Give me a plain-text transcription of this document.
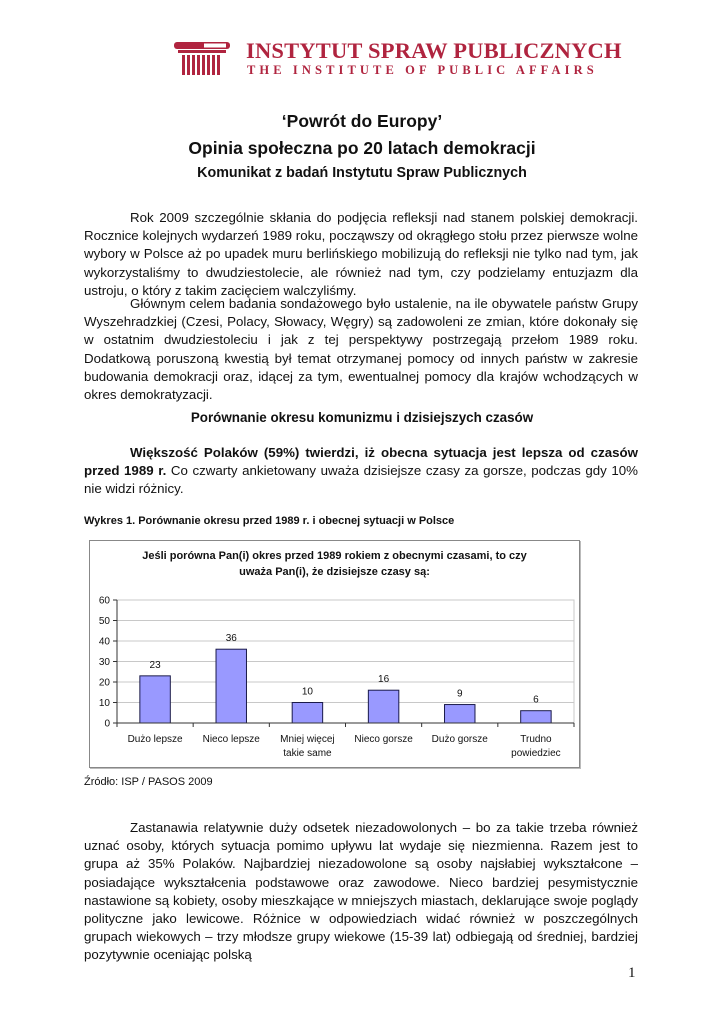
INSTYTUT SPRAW PUBLICZNYCH
THE INSTITUTE OF PUBLIC AFFAIRS
‘Powrót do Europy’
Opinia społeczna po 20 latach demokracji
Komunikat z badań Instytutu Spraw Publicznych
Rok 2009 szczególnie skłania do podjęcia refleksji nad stanem polskiej demokracji. Rocznice kolejnych wydarzeń 1989 roku, począwszy od okrągłego stołu przez pierwsze wolne wybory w Polsce aż po upadek muru berlińskiego mobilizują do refleksji nie tylko nad tym, jak wykorzystaliśmy to dwudziestolecie, ale również nad tym, czy podzielamy entuzjazm dla ustroju, o który z takim zacięciem walczyliśmy.
Głównym celem badania sondażowego było ustalenie, na ile obywatele państw Grupy Wyszehradzkiej (Czesi, Polacy, Słowacy, Węgry) są zadowoleni ze zmian, które dokonały się w ostatnim dwudziestoleciu i jak z tej perspektywy postrzegają przełom 1989 roku. Dodatkową poruszoną kwestią był temat otrzymanej pomocy od innych państw w zakresie budowania demokracji oraz, idącej za tym, ewentualnej pomocy dla krajów wchodzących w okres demokratyzacji.
Porównanie okresu komunizmu i dzisiejszych czasów
Większość Polaków (59%) twierdzi, iż obecna sytuacja jest lepsza od czasów przed 1989 r. Co czwarty ankietowany uważa dzisiejsze czasy za gorsze, podczas gdy 10% nie widzi różnicy.
Wykres 1. Porównanie okresu przed 1989 r. i obecnej sytuacji w Polsce
Jeśli porówna Pan(i) okres przed 1989 rokiem z obecnymi czasami, to czy
uważa Pan(i), że dzisiejsze czasy są:
0
10
20
30
40
50
60
23
Dużo lepsze
36
Nieco lepsze
10
Mniej więcej
takie same
16
Nieco gorsze
9
Dużo gorsze
6
Trudno
powiedziec
Źródło: ISP / PASOS 2009
Zastanawia relatywnie duży odsetek niezadowolonych – bo za takie trzeba również uznać osoby, których sytuacja pomimo upływu lat wydaje się niezmienna. Razem jest to grupa aż 35% Polaków. Najbardziej niezadowolone są osoby najsłabiej wykształcone – posiadające wykształcenia podstawowe oraz zawodowe. Nieco bardziej pesymistycznie nastawione są kobiety, osoby mieszkające w mniejszych miastach, deklarujące swoje poglądy polityczne jako lewicowe. Różnice w odpowiedziach widać również w poszczególnych grupach wiekowych – trzy młodsze grupy wiekowe (15-39 lat) odbiegają od średniej, bardziej pozytywnie oceniając polską
1
